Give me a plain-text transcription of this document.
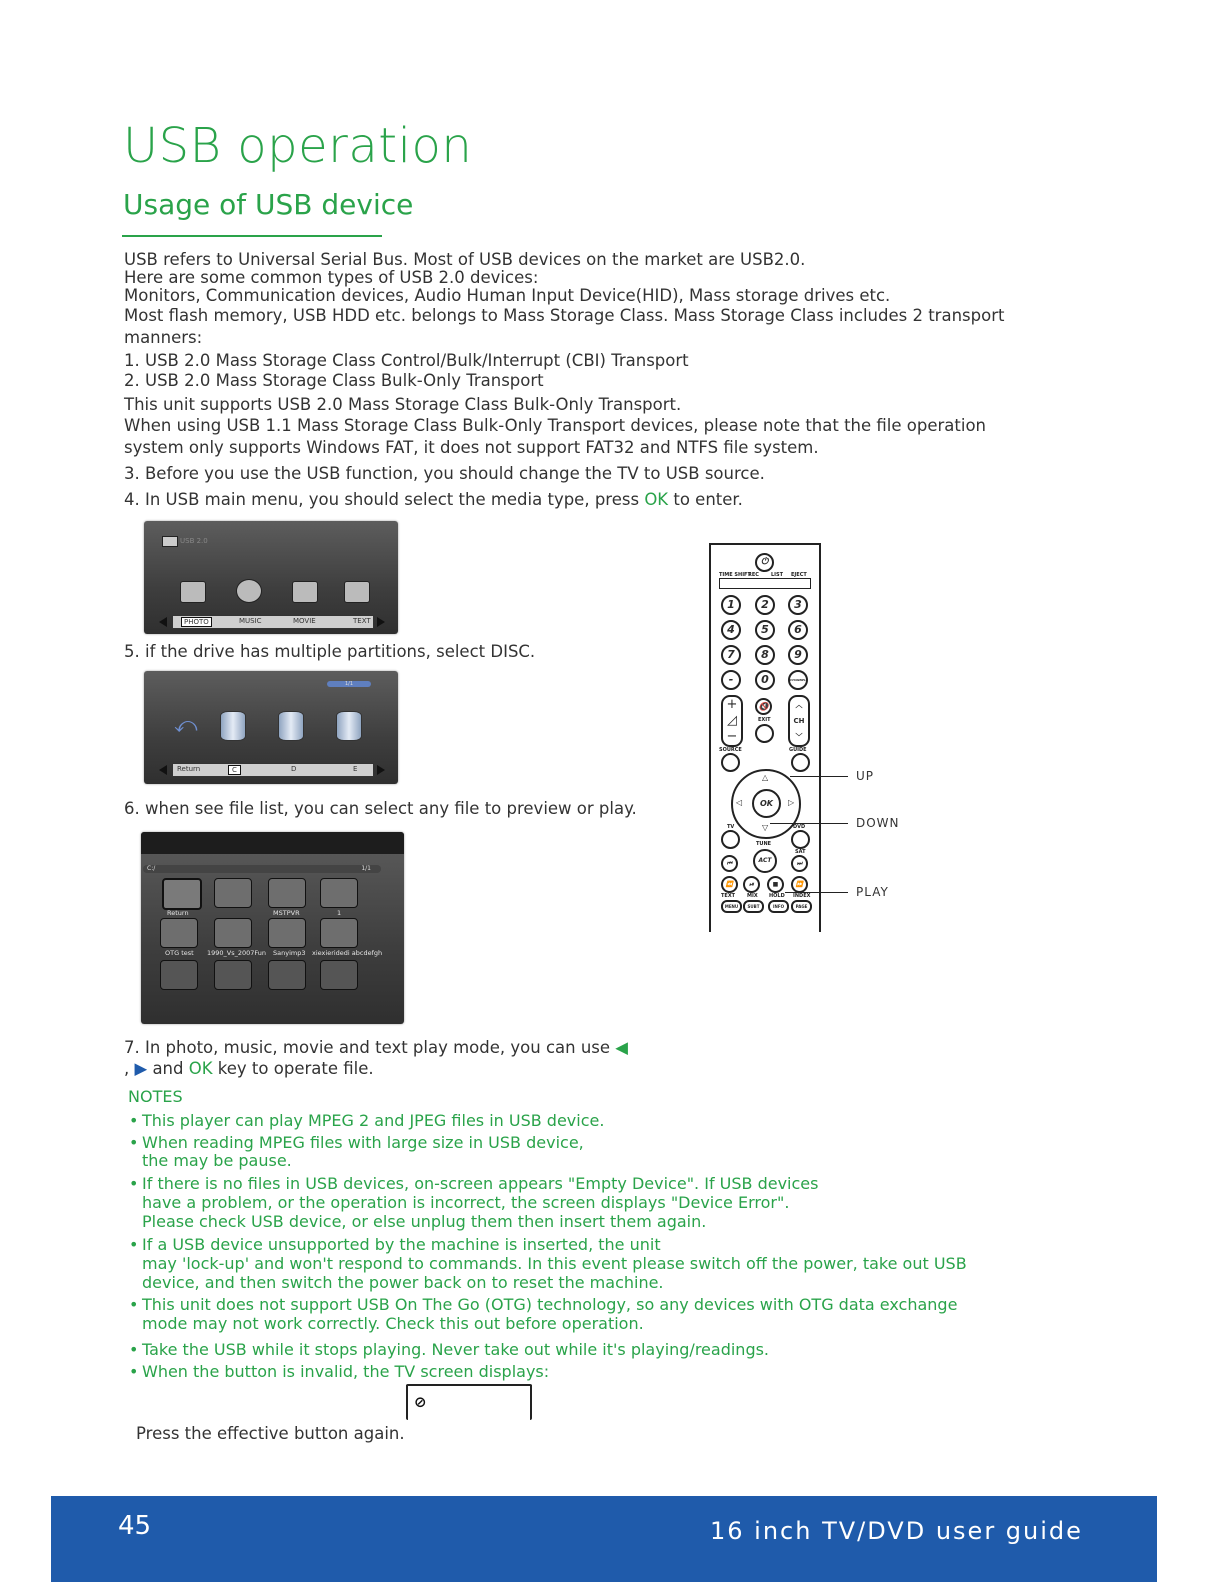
USB operation
Usage of USB device
USB refers to Universal Serial Bus. Most of USB devices on the market are USB2.0.
Here are some common types of USB 2.0 devices:
Monitors, Communication devices, Audio Human Input Device(HID), Mass storage drives etc.
Most flash memory, USB HDD etc. belongs to Mass Storage Class. Mass Storage Class includes 2 transport
manners:
1. USB 2.0 Mass Storage Class Control/Bulk/Interrupt (CBI) Transport
2. USB 2.0 Mass Storage Class Bulk-Only Transport
This unit supports USB 2.0 Mass Storage Class Bulk-Only Transport.
When using USB 1.1 Mass Storage Class Bulk-Only Transport devices, please note that the file operation
system only supports Windows FAT, it does not support FAT32 and NTFS file system.
3. Before you use the USB function, you should change the TV to USB source.
4. In USB main menu, you should select the media type, press OK to enter.
USB 2.0
PHOTO	MUSIC	MOVIE	TEXT
5. if the drive has multiple partitions, select DISC.
1/1
⤺
Return	C	D	E
6. when see file list, you can select any file to preview or play.
C:/	1/1
Return	MSTPVR	1
OTG test 1990_Vs_2007Fun Sanyimp3 xiexieridedi abcdefgh
⏻
TIME SHIFT
REC LIST EJECT
1	2	3
4	5	6
7	8	9
-	0	CHANNEL
+
◿
−
🔇
EXIT
︿
CH
﹀
SOURCE	GUIDE
△
▽
◁	▷
OK
TV	DVD
TUNE
SAT
ACT
⏮	⏭
⏪	⏯	■	⏩
TEXT MIX HOLD INDEX
MENU	SUBT	INFO	PAGE
UP
DOWN
PLAY
7. In photo, music, movie and text play mode, you can use ◀
, ▶ and OK key to operate file.
NOTES
• This player can play MPEG 2 and JPEG files in USB device.
• When reading MPEG files with large size in USB device,
the may be pause.
• If there is no files in USB devices, on-screen appears "Empty Device". If USB devices
have a problem, or the operation is incorrect, the screen displays "Device Error".
Please check USB device, or else unplug them then insert them again.
• If a USB device unsupported by the machine is inserted, the unit
may 'lock-up' and won't respond to commands. In this event please switch off the power, take out USB
device, and then switch the power back on to reset the machine.
• This unit does not support USB On The Go (OTG) technology, so any devices with OTG data exchange
mode may not work correctly. Check this out before operation.
• Take the USB while it stops playing. Never take out while it's playing/readings.
• When the button is invalid, the TV screen displays:
⊘
Press the effective button again.
45	16 inch TV/DVD user guide
